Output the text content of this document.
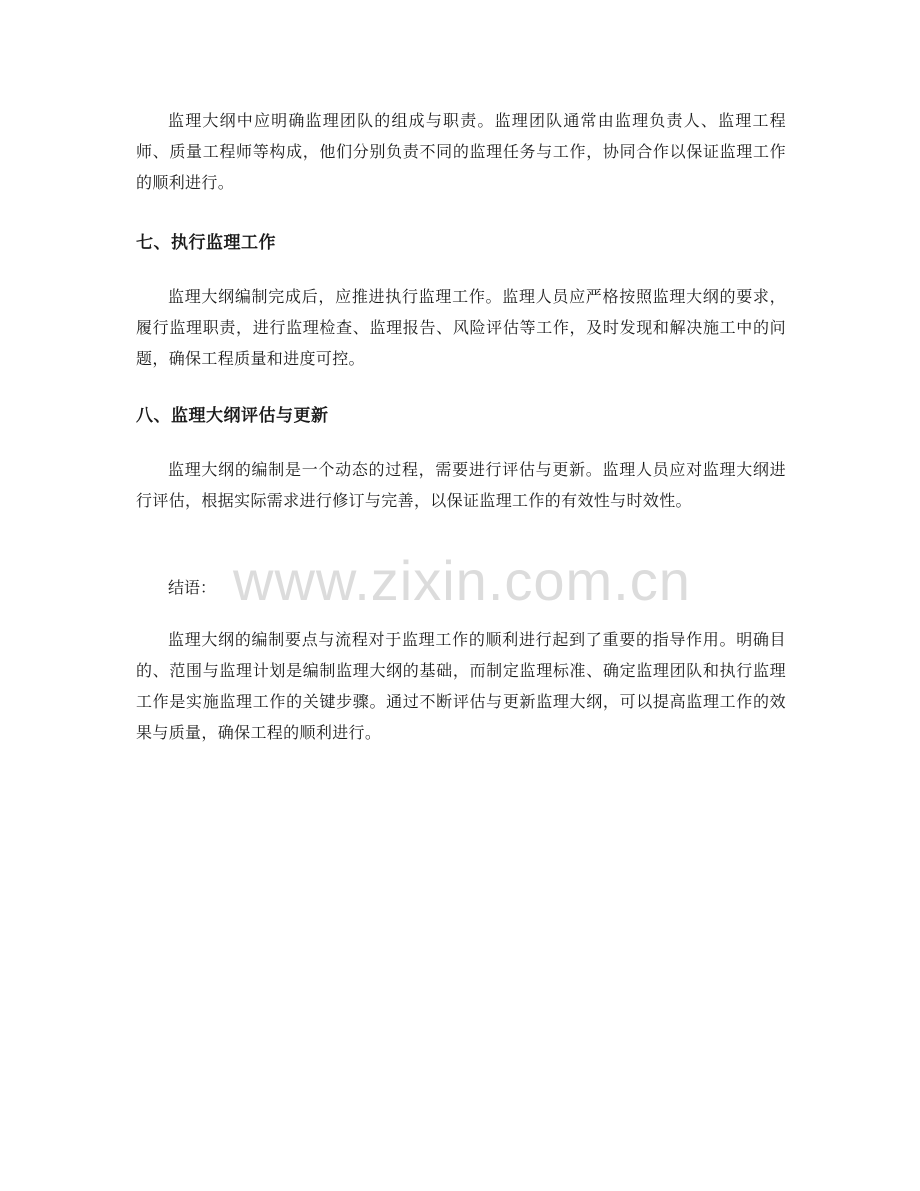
监理大纲中应明确监理团队的组成与职责。监理团队通常由监理负责人、监理工程师、质量工程师等构成，他们分别负责不同的监理任务与工作，协同合作以保证监理工作的顺利进行。

七、执行监理工作

监理大纲编制完成后，应推进执行监理工作。监理人员应严格按照监理大纲的要求，履行监理职责，进行监理检查、监理报告、风险评估等工作，及时发现和解决施工中的问题，确保工程质量和进度可控。

八、监理大纲评估与更新

监理大纲的编制是一个动态的过程，需要进行评估与更新。监理人员应对监理大纲进行评估，根据实际需求进行修订与完善，以保证监理工作的有效性与时效性。

www.zixin.com.cn

结语：

监理大纲的编制要点与流程对于监理工作的顺利进行起到了重要的指导作用。明确目的、范围与监理计划是编制监理大纲的基础，而制定监理标准、确定监理团队和执行监理工作是实施监理工作的关键步骤。通过不断评估与更新监理大纲，可以提高监理工作的效果与质量，确保工程的顺利进行。
